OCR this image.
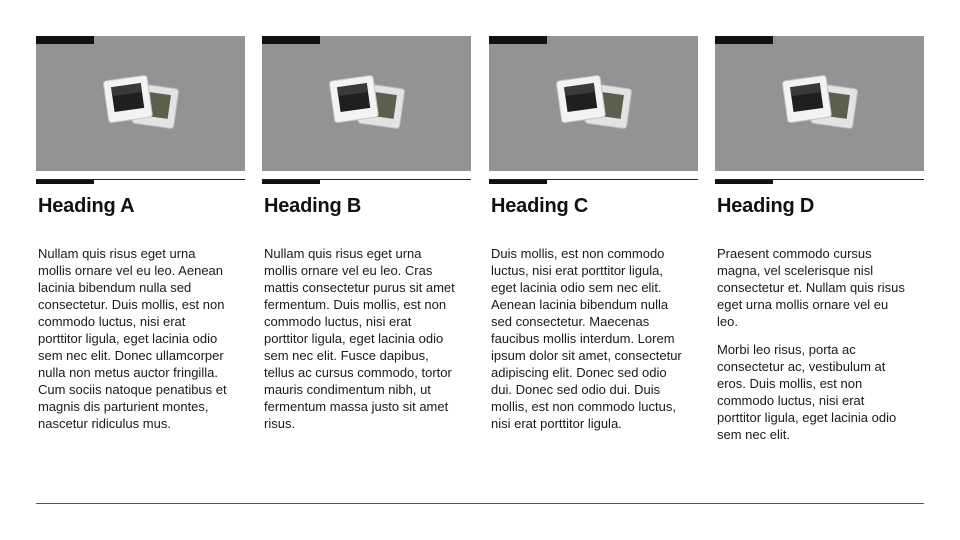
Heading A

Nullam quis risus eget urna mollis ornare vel eu leo. Aenean lacinia bibendum nulla sed consectetur. Duis mollis, est non commodo luctus, nisi erat porttitor ligula, eget lacinia odio sem nec elit. Donec ullamcorper nulla non metus auctor fringilla. Cum sociis natoque penatibus et magnis dis parturient montes, nascetur ridiculus mus.

Heading B

Nullam quis risus eget urna mollis ornare vel eu leo. Cras mattis consectetur purus sit amet fermentum. Duis mollis, est non commodo luctus, nisi erat porttitor ligula, eget lacinia odio sem nec elit. Fusce dapibus, tellus ac cursus commodo, tortor mauris condimentum nibh, ut fermentum massa justo sit amet risus.

Heading C

Duis mollis, est non commodo luctus, nisi erat porttitor ligula, eget lacinia odio sem nec elit. Aenean lacinia bibendum nulla sed consectetur. Maecenas faucibus mollis interdum. Lorem ipsum dolor sit amet, consectetur adipiscing elit. Donec sed odio dui. Donec sed odio dui. Duis mollis, est non commodo luctus, nisi erat porttitor ligula.

Heading D

Praesent commodo cursus magna, vel scelerisque nisl consectetur et. Nullam quis risus eget urna mollis ornare vel eu leo.

Morbi leo risus, porta ac consectetur ac, vestibulum at eros. Duis mollis, est non commodo luctus, nisi erat porttitor ligula, eget lacinia odio sem nec elit.
